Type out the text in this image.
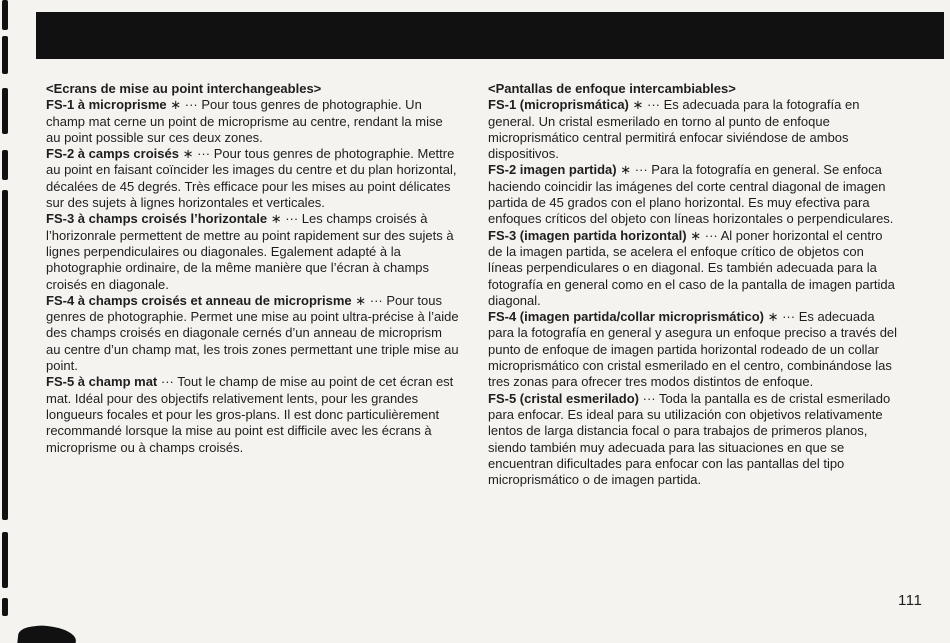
<Ecrans de mise au point interchangeables>

FS-1 à microprisme ∗ ··· Pour tous genres de photographie. Un champ mat cerne un point de microprisme au centre, rendant la mise au point possible sur ces deux zones.

FS-2 à camps croisés ∗ ··· Pour tous genres de photographie. Mettre au point en faisant coïncider les images du centre et du plan horizontal, décalées de 45 degrés. Très efficace pour les mises au point délicates sur des sujets à lignes horizontales et verticales.

FS-3 à champs croisés l’horizontale ∗ ··· Les champs croisés à l’horizonrale permettent de mettre au point rapidement sur des sujets à lignes perpendiculaires ou diagonales. Egalement adapté à la photographie ordinaire, de la même manière que l’écran à champs croisés en diagonale.

FS-4 à champs croisés et anneau de microprisme ∗ ··· Pour tous genres de photographie. Permet une mise au point ultra-précise à l’aide des champs croisés en diagonale cernés d’un anneau de microprism au centre d’un champ mat, les trois zones permettant une triple mise au point.

FS-5 à champ mat ··· Tout le champ de mise au point de cet écran est mat. Idéal pour des objectifs relativement lents, pour les grandes longueurs focales et pour les gros-plans. Il est donc particulièrement recommandé lorsque la mise au point est difficile avec les écrans à microprisme ou à champs croisés.

<Pantallas de enfoque intercambiables>

FS-1 (microprismática) ∗ ··· Es adecuada para la fotografía en general. Un cristal esmerilado en torno al punto de enfoque microprismático central permitirá enfocar siviéndose de ambos dispositivos.

FS-2 imagen partida) ∗ ··· Para la fotografía en general. Se enfoca haciendo coincidir las imágenes del corte central diagonal de imagen partida de 45 grados con el plano horizontal. Es muy efectiva para enfoques críticos del objeto con líneas horizontales o perpendiculares.

FS-3 (imagen partida horizontal) ∗ ··· Al poner horizontal el centro de la imagen partida, se acelera el enfoque crítico de objetos con líneas perpendiculares o en diagonal. Es también adecuada para la fotografía en general como en el caso de la pantalla de imagen partida diagonal.

FS-4 (imagen partida/collar microprismático) ∗ ··· Es adecuada para la fotografía en general y asegura un enfoque preciso a través del punto de enfoque de imagen partida horizontal rodeado de un collar microprismático con cristal esmerilado en el centro, combinándose las tres zonas para ofrecer tres modos distintos de enfoque.

FS-5 (cristal esmerilado) ··· Toda la pantalla es de cristal esmerilado para enfocar. Es ideal para su utilización con objetivos relativamente lentos de larga distancia focal o para trabajos de primeros planos, siendo también muy adecuada para las situaciones en que se encuentran dificultades para enfocar con las pantallas del tipo microprismático o de imagen partida.

111
